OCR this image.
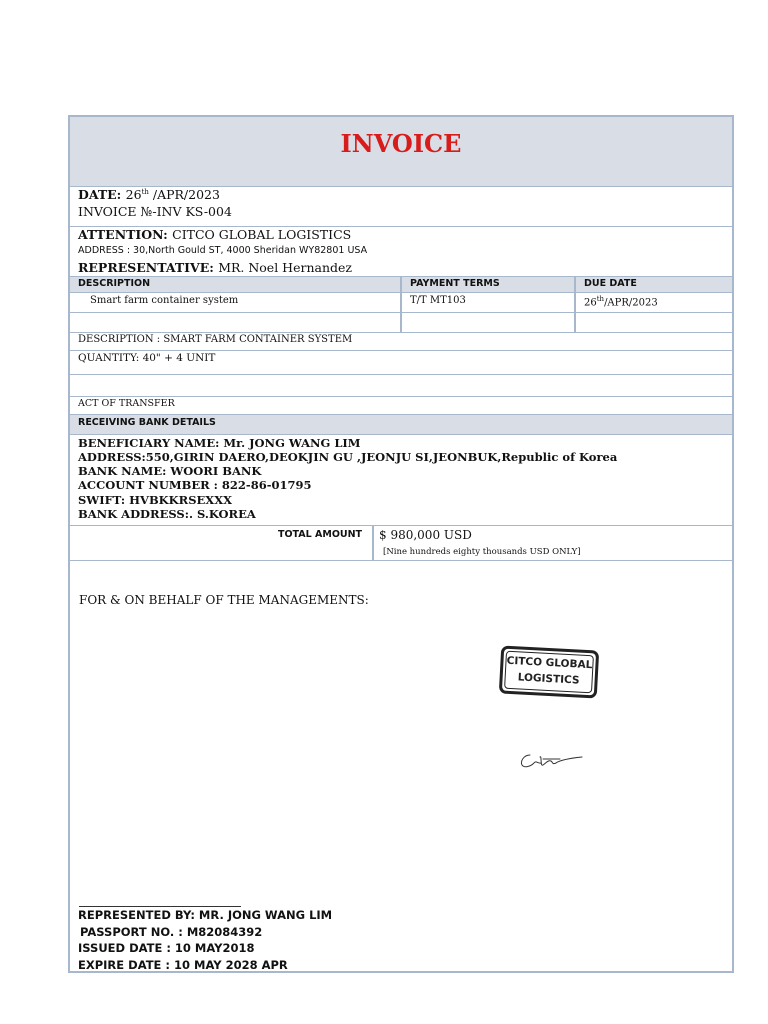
INVOICE
DATE: 26th /APR/2023
INVOICE №-INV KS-004
ATTENTION: CITCO GLOBAL LOGISTICS
ADDRESS : 30,North Gould ST, 4000 Sheridan WY82801 USA
REPRESENTATIVE: MR. Noel Hernandez
DESCRIPTION	PAYMENT TERMS	DUE DATE
Smart farm container system	T/T MT103	26th/APR/2023
DESCRIPTION : SMART FARM CONTAINER SYSTEM
QUANTITY: 40" + 4 UNIT
ACT OF TRANSFER
RECEIVING BANK DETAILS
BENEFICIARY NAME: Mr. JONG WANG LIM
ADDRESS:550,GIRIN DAERO,DEOKJIN GU ,JEONJU SI,JEONBUK,Republic of Korea
BANK NAME: WOORI BANK
ACCOUNT NUMBER : 822-86-01795
SWIFT: HVBKKRSEXXX
BANK ADDRESS:. S.KOREA
TOTAL AMOUNT $ 980,000 USD
[Nine hundreds eighty thousands USD ONLY]
FOR & ON BEHALF OF THE MANAGEMENTS:
REPRESENTED BY: MR. JONG WANG LIM
PASSPORT NO. : M82084392
ISSUED DATE : 10 MAY2018
EXPIRE DATE : 10 MAY 2028 APR
CITCO GLOBAL
LOGISTICS
